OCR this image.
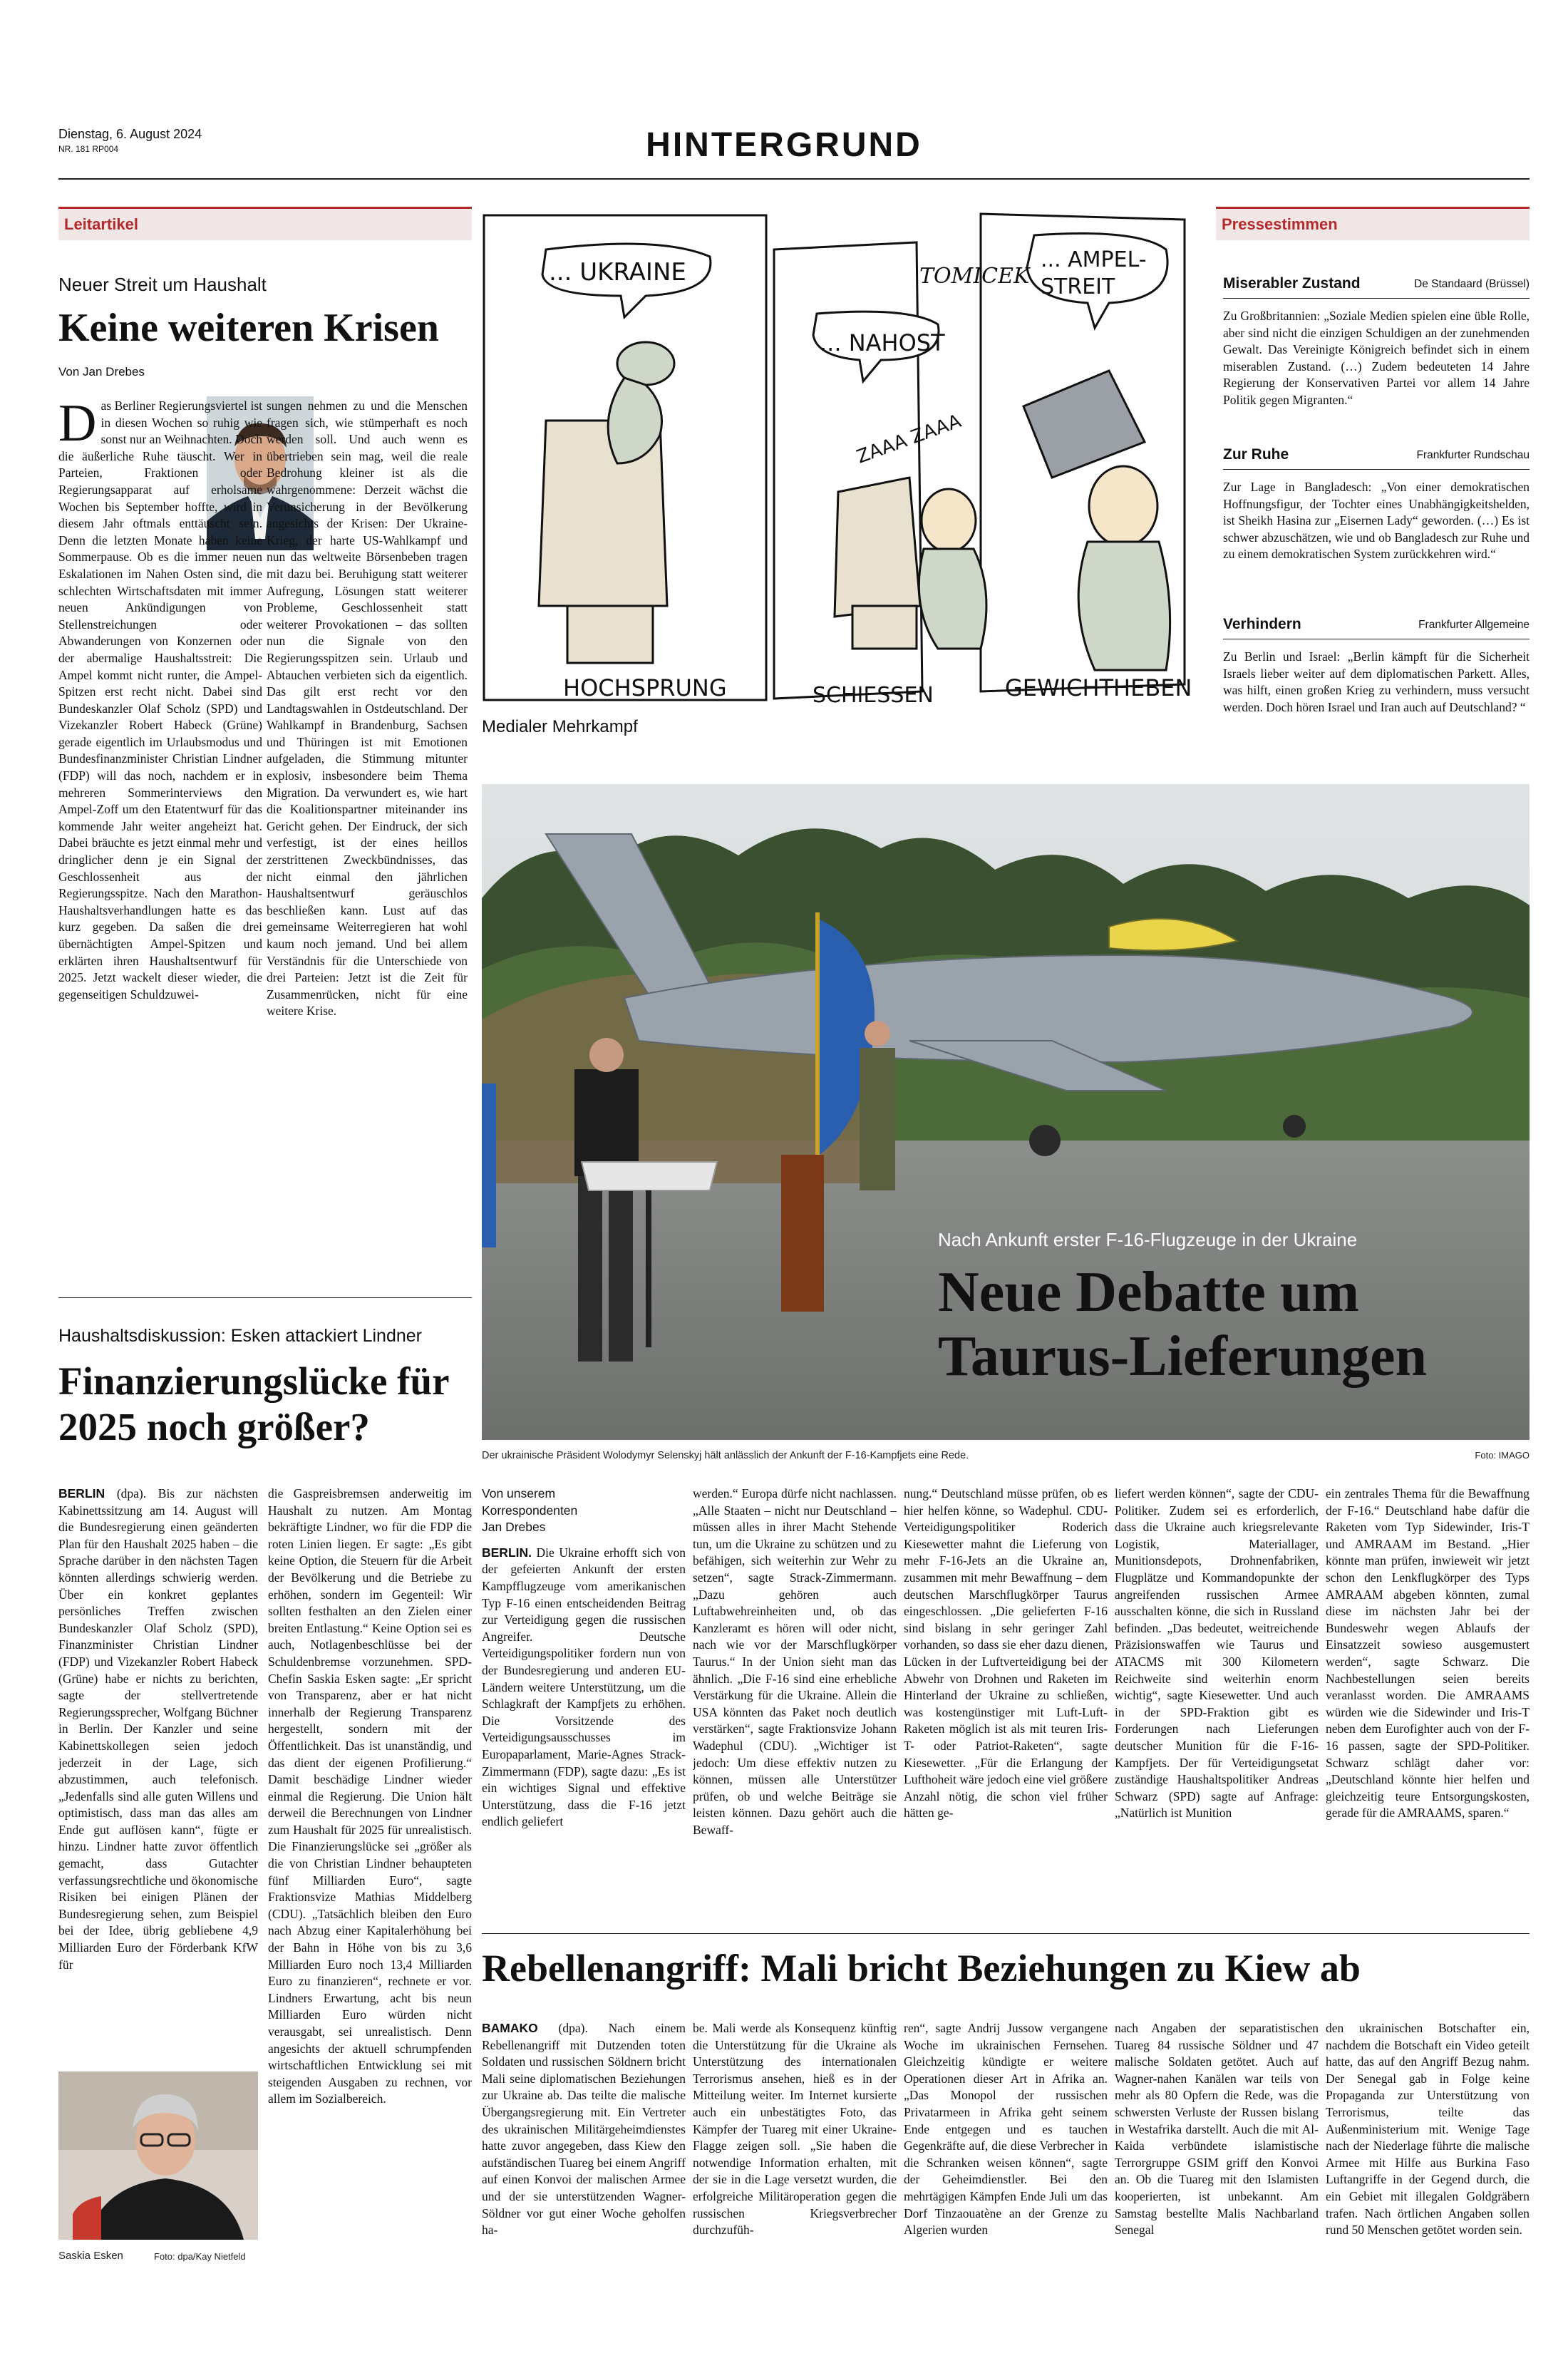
Dienstag, 6. August 2024
NR. 181 RP004	HINTERGRUND
Leitartikel
Neuer Streit um Haushalt
Keine weiteren Krisen
Von Jan Drebes

Das Berliner Regierungsviertel ist in diesen Wochen so ruhig wie sonst nur an Weihnachten. Doch die äußerliche Ruhe täuscht. Wer in Parteien, Fraktionen oder Regierungsapparat auf erholsame Wochen bis September hoffte, wird in diesem Jahr oftmals enttäuscht sein. Denn die letzten Monate haben keine Sommerpause. Ob es die immer neuen Eskalationen im Nahen Osten sind, die schlechten Wirtschaftsdaten mit immer neuen Ankündigungen von Stellenstreichungen oder Abwanderungen von Konzernen oder der abermalige Haushaltsstreit: Die Ampel kommt nicht runter, die Ampel-Spitzen erst recht nicht. Dabei sind Bundeskanzler Olaf Scholz (SPD) und Vizekanzler Robert Habeck (Grüne) gerade eigentlich im Urlaubsmodus und Bundesfinanzminister Christian Lindner (FDP) will das noch, nachdem er in mehreren Sommerinterviews den Ampel-Zoff um den Etatentwurf für das kommende Jahr weiter angeheizt hat. Dabei bräuchte es jetzt einmal mehr und dringlicher denn je ein Signal der Geschlossenheit aus der Regierungsspitze. Nach den Marathon-Haushaltsverhandlungen hatte es das kurz gegeben. Da saßen die drei übernächtigten Ampel-Spitzen und erklärten ihren Haushaltsentwurf für 2025. Jetzt wackelt dieser wieder, die gegenseitigen Schuldzuwei-

sungen nehmen zu und die Menschen fragen sich, wie stümperhaft es noch werden soll. Und auch wenn es übertrieben sein mag, weil die reale Bedrohung kleiner ist als die wahrgenommene: Derzeit wächst die Verunsicherung in der Bevölkerung angesichts der Krisen: Der Ukraine-Krieg, der harte US-Wahlkampf und nun das weltweite Börsenbeben tragen mit dazu bei. Beruhigung statt weiterer Aufregung, Lösungen statt weiterer Probleme, Geschlossenheit statt weiterer Provokationen – das sollten nun die Signale von den Regierungsspitzen sein. Urlaub und Abtauchen verbieten sich da eigentlich. Das gilt erst recht vor den Landtagswahlen in Ostdeutschland. Der Wahlkampf in Brandenburg, Sachsen und Thüringen ist mit Emotionen aufgeladen, die Stimmung mitunter explosiv, insbesondere beim Thema Migration. Da verwundert es, wie hart die Koalitionspartner miteinander ins Gericht gehen. Der Eindruck, der sich verfestigt, ist der eines heillos zerstrittenen Zweckbündnisses, das nicht einmal den jährlichen Haushaltsentwurf geräuschlos beschließen kann. Lust auf das gemeinsame Weiterregieren hat wohl kaum noch jemand. Und bei allem Verständnis für die Unterschiede von drei Parteien: Jetzt ist die Zeit für Zusammenrücken, nicht für eine weitere Krise.

ZAAA ZAAA
... UKRAINE
... NAHOST
... AMPEL-STREIT
TOMICEK
HOCHSPRUNG	SCHIESSEN	GEWICHTHEBEN
Medialer Mehrkampf
Pressestimmen
Miserabler Zustand	De Standaard (Brüssel)
Zu Großbritannien: „Soziale Medien spielen eine üble Rolle, aber sind nicht die einzigen Schuldigen an der zunehmenden Gewalt. Das Vereinigte Königreich befindet sich in einem miserablen Zustand. (…) Zudem bedeuteten 14 Jahre Regierung der Konservativen Partei vor allem 14 Jahre Politik gegen Migranten.“
Zur Ruhe	Frankfurter Rundschau
Zur Lage in Bangladesch: „Von einer demokratischen Hoffnungsfigur, der Tochter eines Unabhängigkeitshelden, ist Sheikh Hasina zur „Eisernen Lady“ geworden. (…) Es ist schwer abzuschätzen, wie und ob Bangladesch zur Ruhe und zu einem demokratischen System zurückkehren wird.“
Verhindern	Frankfurter Allgemeine
Zu Berlin und Israel: „Berlin kämpft für die Sicherheit Israels lieber weiter auf dem diplomatischen Parkett. Alles, was hilft, einen großen Krieg zu verhindern, muss versucht werden. Doch hören Israel und Iran auch auf Deutschland? “
Nach Ankunft erster F-16-Flugzeuge in der Ukraine
Neue Debatte um Taurus-Lieferungen
Der ukrainische Präsident Wolodymyr Selenskyj hält anlässlich der Ankunft der F-16-Kampfjets eine Rede.	Foto: IMAGO
Haushaltsdiskussion: Esken attackiert Lindner
Finanzierungslücke für 2025 noch größer?

BERLIN (dpa). Bis zur nächsten Kabinettssitzung am 14. August will die Bundesregierung einen geänderten Plan für den Haushalt 2025 haben – die Sprache darüber in den nächsten Tagen könnten allerdings schwierig werden. Über ein konkret geplantes persönliches Treffen zwischen Bundeskanzler Olaf Scholz (SPD), Finanzminister Christian Lindner (FDP) und Vizekanzler Robert Habeck (Grüne) habe er nichts zu berichten, sagte der stellvertretende Regierungssprecher, Wolfgang Büchner in Berlin. Der Kanzler und seine Kabinettskollegen seien jedoch jederzeit in der Lage, sich abzustimmen, auch telefonisch. „Jedenfalls sind alle guten Willens und optimistisch, dass man das alles am Ende gut auflösen kann“, fügte er hinzu. Lindner hatte zuvor öffentlich gemacht, dass Gutachter verfassungsrechtliche und ökonomische Risiken bei einigen Plänen der Bundesregierung sehen, zum Beispiel bei der Idee, übrig gebliebene 4,9 Milliarden Euro der Förderbank KfW für

die Gaspreisbremsen anderweitig im Haushalt zu nutzen. Am Montag bekräftigte Lindner, wo für die FDP die roten Linien liegen. Er sagte: „Es gibt keine Option, die Steuern für die Arbeit der Bevölkerung und die Betriebe zu erhöhen, sondern im Gegenteil: Wir sollten festhalten an den Zielen einer breiten Entlastung.“ Keine Option sei es auch, Notlagenbeschlüsse bei der Schuldenbremse vorzunehmen. SPD-Chefin Saskia Esken sagte: „Er spricht von Transparenz, aber er hat nicht innerhalb der Regierung Transparenz hergestellt, sondern mit der Öffentlichkeit. Das ist unanständig, und das dient der eigenen Profilierung.“ Damit beschädige Lindner wieder einmal die Regierung. Die Union hält derweil die Berechnungen von Lindner zum Haushalt für 2025 für unrealistisch. Die Finanzierungslücke sei „größer als die von Christian Lindner behaupteten fünf Milliarden Euro“, sagte Fraktionsvize Mathias Middelberg (CDU). „Tatsächlich bleiben den Euro nach Abzug einer Kapitalerhöhung bei der Bahn in Höhe von bis zu 3,6 Milliarden Euro noch 13,4 Milliarden Euro zu finanzieren“, rechnete er vor. Lindners Erwartung, acht bis neun Milliarden Euro würden nicht verausgabt, sei unrealistisch. Denn angesichts der aktuell schrumpfenden wirtschaftlichen Entwicklung sei mit steigenden Ausgaben zu rechnen, vor allem im Sozialbereich.

Saskia Esken	Foto: dpa/Kay Nietfeld
Von unserem
Korrespondenten
Jan Drebes

BERLIN. Die Ukraine erhofft sich von der gefeierten Ankunft der ersten Kampfflugzeuge vom amerikanischen Typ F-16 einen entscheidenden Beitrag zur Verteidigung gegen die russischen Angreifer. Deutsche Verteidigungspolitiker fordern nun von der Bundesregierung und anderen EU-Ländern weitere Unterstützung, um die Schlagkraft der Kampfjets zu erhöhen. Die Vorsitzende des Verteidigungsausschusses im Europaparlament, Marie-Agnes Strack-Zimmermann (FDP), sagte dazu: „Es ist ein wichtiges Signal und effektive Unterstützung, dass die F-16 jetzt endlich geliefert

werden.“ Europa dürfe nicht nachlassen. „Alle Staaten – nicht nur Deutschland – müssen alles in ihrer Macht Stehende tun, um die Ukraine zu schützen und zu befähigen, sich weiterhin zur Wehr zu setzen“, sagte Strack-Zimmermann. „Dazu gehören auch Luftabwehreinheiten und, ob das Kanzleramt es hören will oder nicht, nach wie vor der Marschflugkörper Taurus.“ In der Union sieht man das ähnlich. „Die F-16 sind eine erhebliche Verstärkung für die Ukraine. Allein die USA könnten das Paket noch deutlich verstärken“, sagte Fraktionsvize Johann Wadephul (CDU). „Wichtiger ist jedoch: Um diese effektiv nutzen zu können, müssen alle Unterstützer prüfen, ob und welche Beiträge sie leisten können. Dazu gehört auch die Bewaff-

nung.“ Deutschland müsse prüfen, ob es hier helfen könne, so Wadephul. CDU-Verteidigungspolitiker Roderich Kiesewetter mahnt die Lieferung von mehr F-16-Jets an die Ukraine an, zusammen mit mehr Bewaffnung – dem deutschen Marschflugkörper Taurus eingeschlossen. „Die gelieferten F-16 sind bislang in sehr geringer Zahl vorhanden, so dass sie eher dazu dienen, Lücken in der Luftverteidigung bei der Abwehr von Drohnen und Raketen im Hinterland der Ukraine zu schließen, was kostengünstiger mit Luft-Luft-Raketen möglich ist als mit teuren Iris-T- oder Patriot-Raketen“, sagte Kiesewetter. „Für die Erlangung der Lufthoheit wäre jedoch eine viel größere Anzahl nötig, die schon viel früher hätten ge-

liefert werden können“, sagte der CDU-Politiker. Zudem sei es erforderlich, dass die Ukraine auch kriegsrelevante Logistik, Materiallager, Munitionsdepots, Drohnenfabriken, Flugplätze und Kommandopunkte der angreifenden russischen Armee ausschalten könne, die sich in Russland befinden. „Das bedeutet, weitreichende Präzisionswaffen wie Taurus und ATACMS mit 300 Kilometern Reichweite sind weiterhin enorm wichtig“, sagte Kiesewetter. Und auch in der SPD-Fraktion gibt es Forderungen nach Lieferungen deutscher Munition für die F-16-Kampfjets. Der für Verteidigungsetat zuständige Haushaltspolitiker Andreas Schwarz (SPD) sagte auf Anfrage: „Natürlich ist Munition

ein zentrales Thema für die Bewaffnung der F-16.“ Deutschland habe dafür die Raketen vom Typ Sidewinder, Iris-T und AMRAAM im Bestand. „Hier könnte man prüfen, inwieweit wir jetzt schon den Lenkflugkörper des Typs AMRAAM abgeben könnten, zumal diese im nächsten Jahr bei der Bundeswehr wegen Ablaufs der Einsatzzeit sowieso ausgemustert werden“, sagte Schwarz. Die Nachbestellungen seien bereits veranlasst worden. Die AMRAAMS würden wie die Sidewinder und Iris-T neben dem Eurofighter auch von der F-16 passen, sagte der SPD-Politiker. Schwarz schlägt daher vor: „Deutschland könnte hier helfen und gleichzeitig teure Entsorgungskosten, gerade für die AMRAAMS, sparen.“

Rebellenangriff: Mali bricht Beziehungen zu Kiew ab

BAMAKO (dpa). Nach einem Rebellenangriff mit Dutzenden toten Soldaten und russischen Söldnern bricht Mali seine diplomatischen Beziehungen zur Ukraine ab. Das teilte die malische Übergangsregierung mit. Ein Vertreter des ukrainischen Militärgeheimdienstes hatte zuvor angegeben, dass Kiew den aufständischen Tuareg bei einem Angriff auf einen Konvoi der malischen Armee und der sie unterstützenden Wagner-Söldner vor gut einer Woche geholfen ha-

be. Mali werde als Konsequenz künftig die Unterstützung für die Ukraine als Unterstützung des internationalen Terrorismus ansehen, hieß es in der Mitteilung weiter. Im Internet kursierte auch ein unbestätigtes Foto, das Kämpfer der Tuareg mit einer Ukraine-Flagge zeigen soll. „Sie haben die notwendige Information erhalten, mit der sie in die Lage versetzt wurden, die erfolgreiche Militäroperation gegen die russischen Kriegsverbrecher durchzufüh-

ren“, sagte Andrij Jussow vergangene Woche im ukrainischen Fernsehen. Gleichzeitig kündigte er weitere Operationen dieser Art in Afrika an. „Das Monopol der russischen Privatarmeen in Afrika geht seinem Ende entgegen und es tauchen Gegenkräfte auf, die diese Verbrecher in die Schranken weisen können“, sagte der Geheimdienstler. Bei den mehrtägigen Kämpfen Ende Juli um das Dorf Tinzaouatène an der Grenze zu Algerien wurden

nach Angaben der separatistischen Tuareg 84 russische Söldner und 47 malische Soldaten getötet. Auch auf Wagner-nahen Kanälen war teils von mehr als 80 Opfern die Rede, was die schwersten Verluste der Russen bislang in Westafrika darstellt. Auch die mit Al-Kaida verbündete islamistische Terrorgruppe GSIM griff den Konvoi an. Ob die Tuareg mit den Islamisten kooperierten, ist unbekannt. Am Samstag bestellte Malis Nachbarland Senegal

den ukrainischen Botschafter ein, nachdem die Botschaft ein Video geteilt hatte, das auf den Angriff Bezug nahm. Der Senegal gab in Folge keine Propaganda zur Unterstützung von Terrorismus, teilte das Außenministerium mit. Wenige Tage nach der Niederlage führte die malische Armee mit Hilfe aus Burkina Faso Luftangriffe in der Gegend durch, die ein Gebiet mit illegalen Goldgräbern trafen. Nach örtlichen Angaben sollen rund 50 Menschen getötet worden sein.
